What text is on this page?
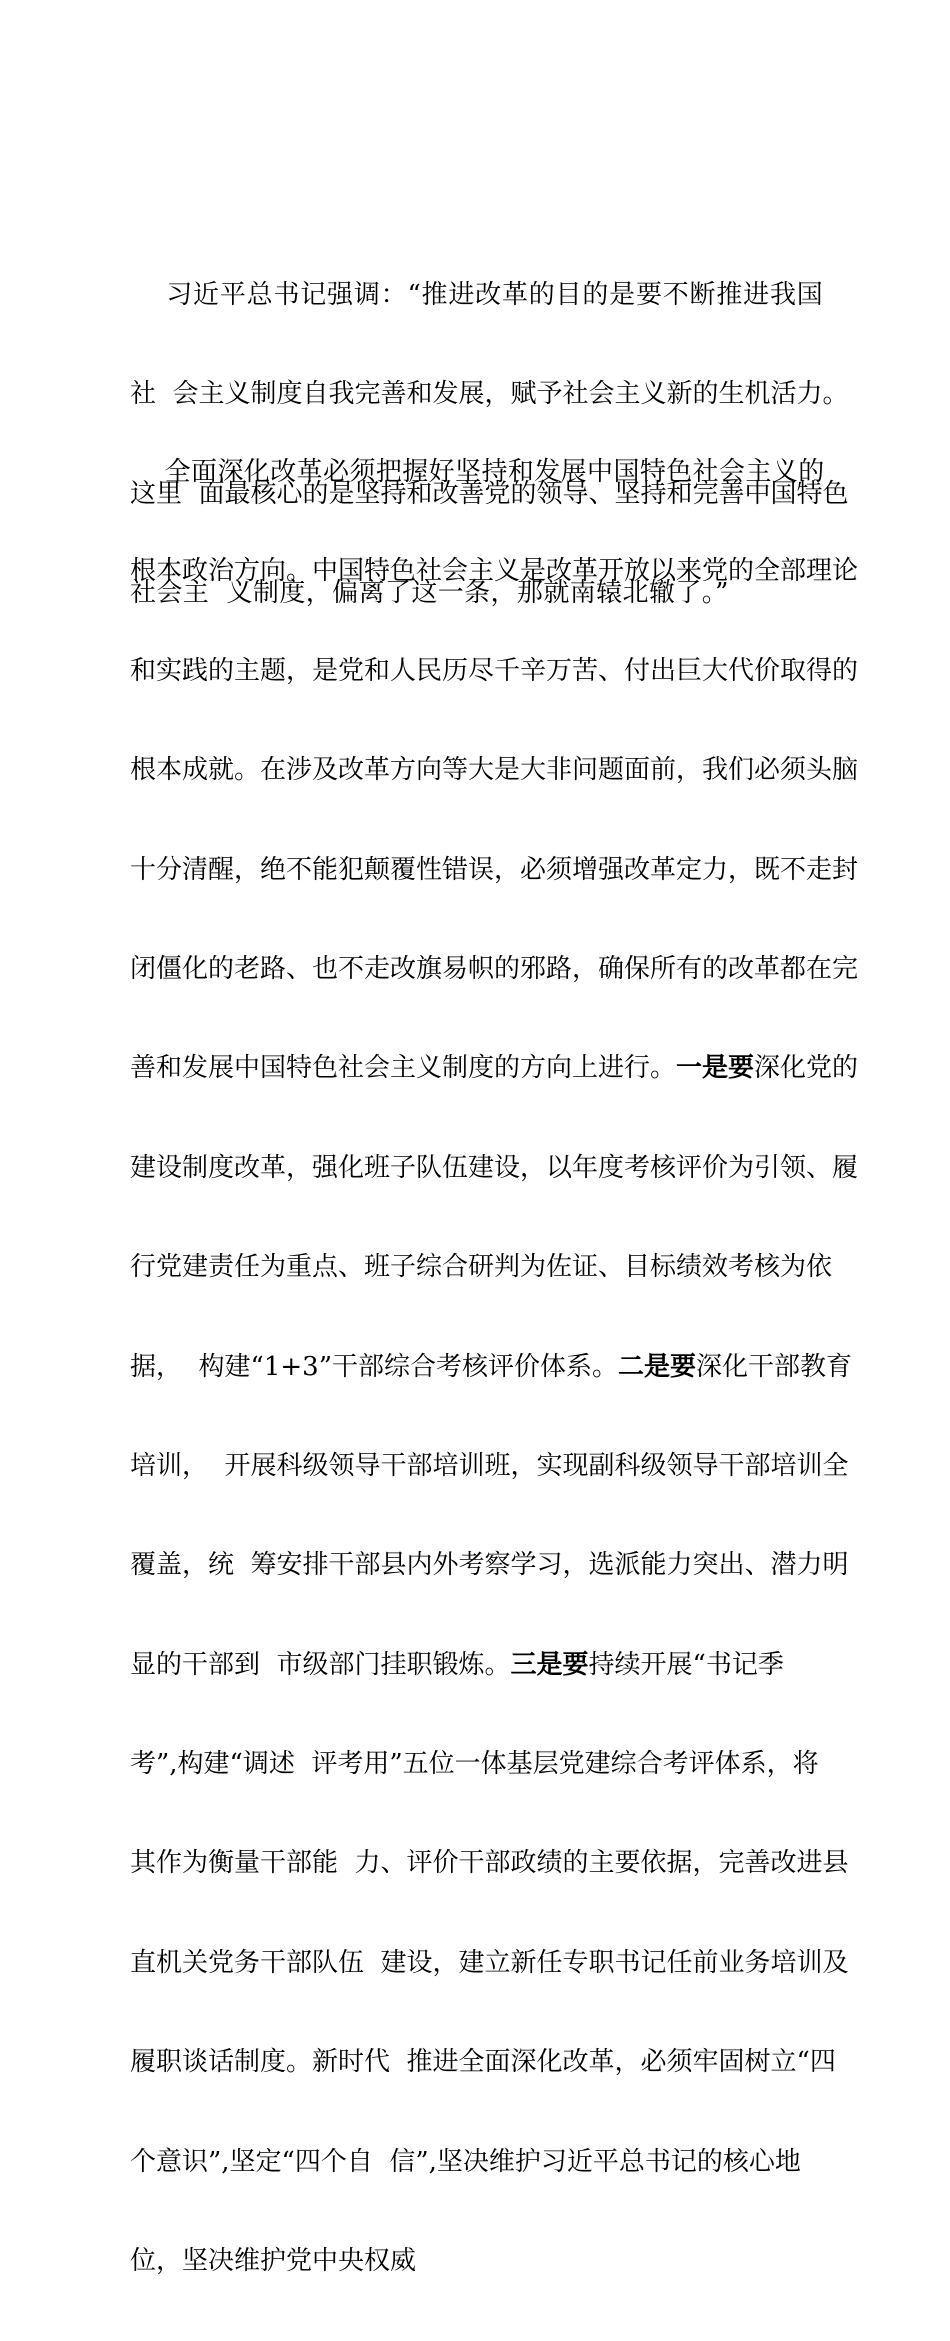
习近平总书记强调：“推进改革的目的是要不断推进我国

社  会主义制度自我完善和发展，赋予社会主义新的生机活力。

这里  面最核心的是坚持和改善党的领导、坚持和完善中国特色

社会主  义制度，偏离了这一条，那就南辕北辙了。”

全面深化改革必须把握好坚持和发展中国特色社会主义的

根本政治方向。中国特色社会主义是改革开放以来党的全部理论

和实践的主题，是党和人民历尽千辛万苦、付出巨大代价取得的

根本成就。在涉及改革方向等大是大非问题面前，我们必须头脑

十分清醒，绝不能犯颠覆性错误，必须增强改革定力，既不走封

闭僵化的老路、也不走改旗易帜的邪路，确保所有的改革都在完

善和发展中国特色社会主义制度的方向上进行。一是要深化党的

建设制度改革，强化班子队伍建设，以年度考核评价为引领、履

行党建责任为重点、班子综合研判为佐证、目标绩效考核为依

据，  构建“1+3”干部综合考核评价体系。二是要深化干部教育

培训，  开展科级领导干部培训班，实现副科级领导干部培训全

覆盖，统  筹安排干部县内外考察学习，选派能力突出、潜力明

显的干部到  市级部门挂职锻炼。三是要持续开展“书记季

考”,构建“调述  评考用”五位一体基层党建综合考评体系，将

其作为衡量干部能  力、评价干部政绩的主要依据，完善改进县

直机关党务干部队伍  建设，建立新任专职书记任前业务培训及

履职谈话制度。新时代  推进全面深化改革，必须牢固树立“四

个意识”,坚定“四个自  信”,坚决维护习近平总书记的核心地

位，坚决维护党中央权威
